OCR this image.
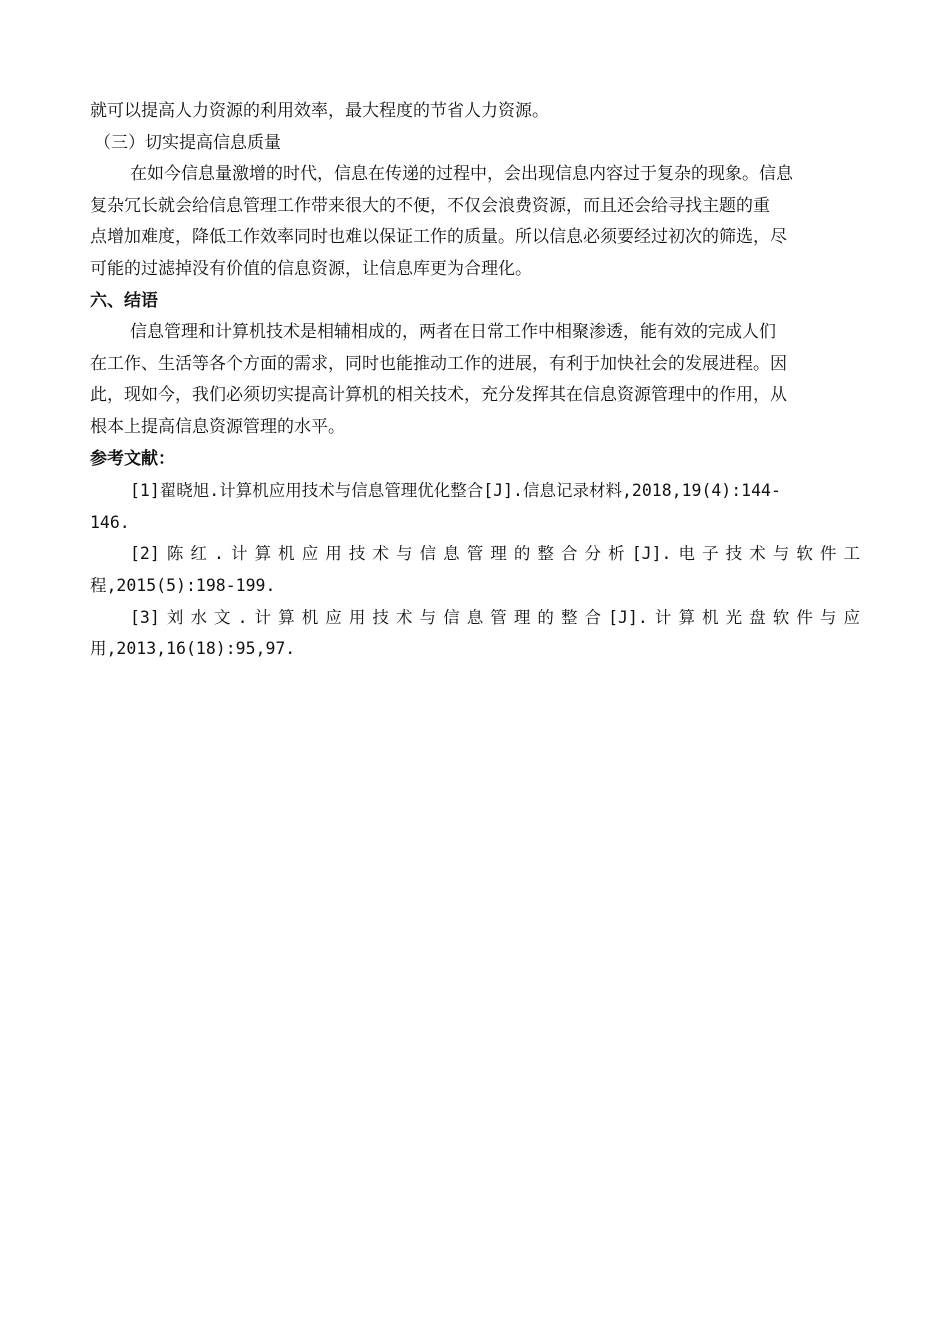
就可以提高人力资源的利用效率，最大程度的节省人力资源。
（三）切实提高信息质量
在如今信息量激增的时代，信息在传递的过程中，会出现信息内容过于复杂的现象。信息
复杂冗长就会给信息管理工作带来很大的不便，不仅会浪费资源，而且还会给寻找主题的重
点增加难度，降低工作效率同时也难以保证工作的质量。所以信息必须要经过初次的筛选，尽
可能的过滤掉没有价值的信息资源，让信息库更为合理化。
六、结语
信息管理和计算机技术是相辅相成的，两者在日常工作中相聚渗透，能有效的完成人们
在工作、生活等各个方面的需求，同时也能推动工作的进展，有利于加快社会的发展进程。因
此，现如今，我们必须切实提高计算机的相关技术，充分发挥其在信息资源管理中的作用，从
根本上提高信息资源管理的水平。
参考文献：
[1]翟晓旭.计算机应用技术与信息管理优化整合[J].信息记录材料,2018,19(4):144-
146.
[2]陈红.计算机应用技术与信息管理的整合分析[J].电子技术与软件工
程,2015(5):198-199.
[3]刘水文.计算机应用技术与信息管理的整合[J].计算机光盘软件与应
用,2013,16(18):95,97.
